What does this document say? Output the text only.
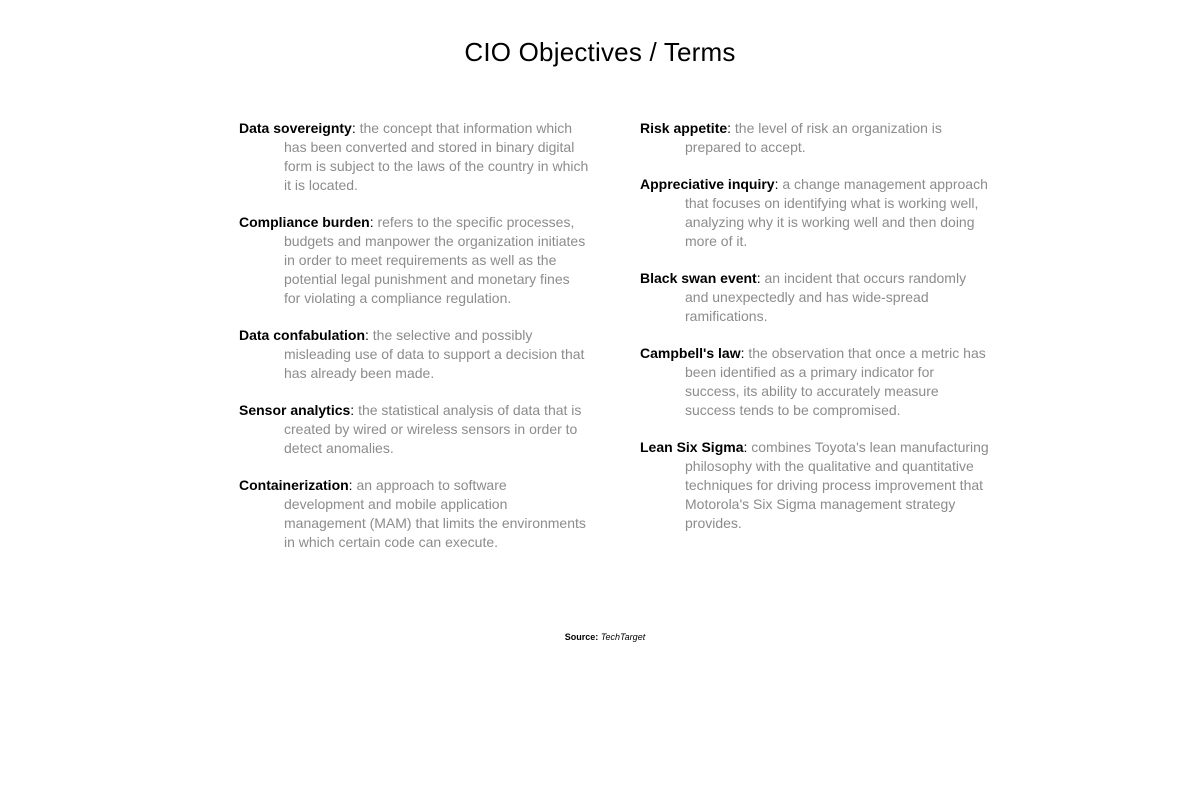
CIO Objectives / Terms

Data sovereignty: the concept that information which has been converted and stored in binary digital form is subject to the laws of the country in which it is located.

Compliance burden: refers to the specific processes, budgets and manpower the organization initiates in order to meet requirements as well as the potential legal punishment and monetary fines for violating a compliance regulation.

Data confabulation: the selective and possibly misleading use of data to support a decision that has already been made.

Sensor analytics: the statistical analysis of data that is created by wired or wireless sensors in order to detect anomalies.

Containerization: an approach to software development and mobile application management (MAM) that limits the environments in which certain code can execute.

Risk appetite: the level of risk an organization is prepared to accept.

Appreciative inquiry: a change management approach that focuses on identifying what is working well, analyzing why it is working well and then doing more of it.

Black swan event: an incident that occurs randomly and unexpectedly and has wide-spread ramifications.

Campbell's law: the observation that once a metric has been identified as a primary indicator for success, its ability to accurately measure success tends to be compromised.

Lean Six Sigma: combines Toyota's lean manufacturing philosophy with the qualitative and quantitative techniques for driving process improvement that Motorola's Six Sigma management strategy provides.

Source: TechTarget
